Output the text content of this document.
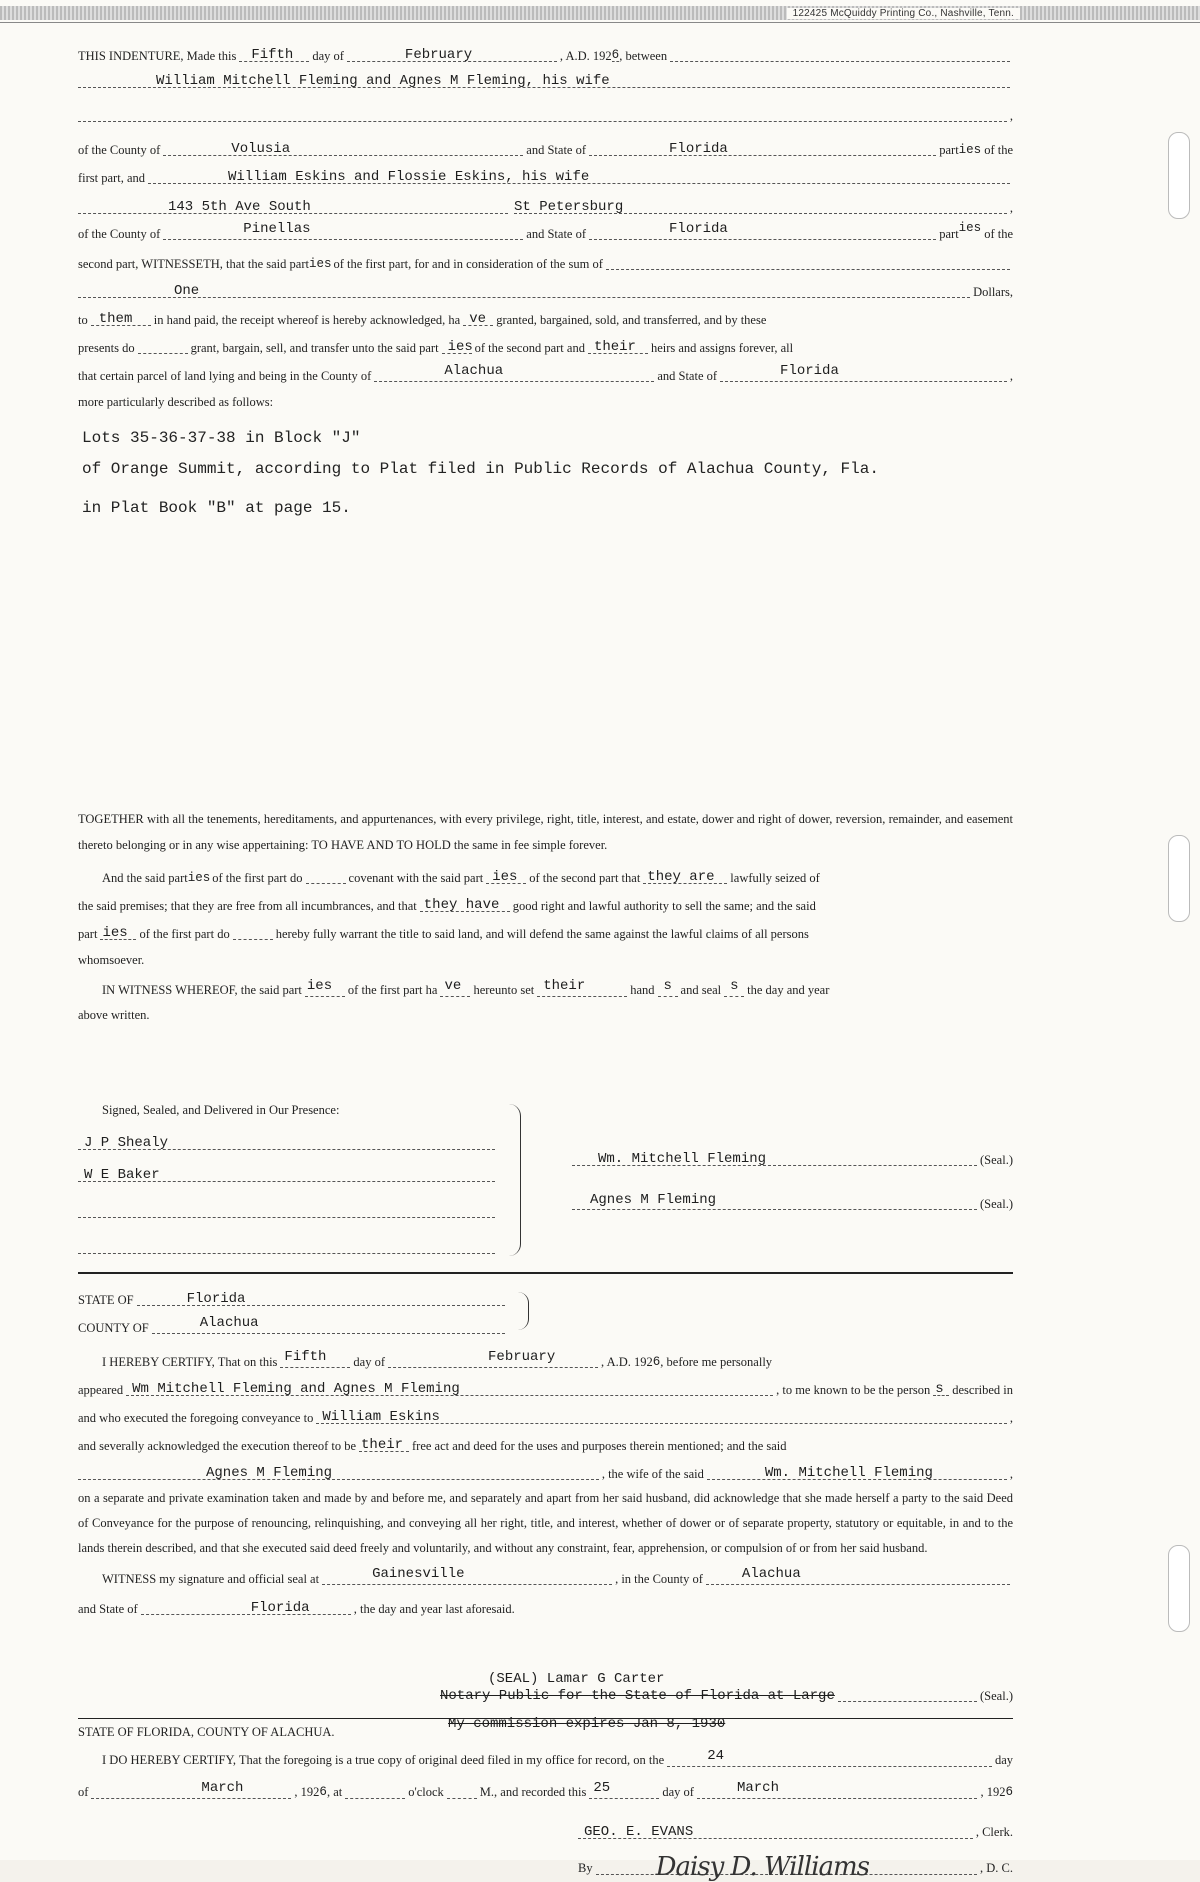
122425 McQuiddy Printing Co., Nashville, Tenn.
THIS INDENTURE, Made this Fifth day of	February	, A.D. 192 6 , between
William Mitchell Fleming and Agnes M Fleming, his wife
,
of the County of	Volusia	and State of	Florida	part ies of the
first part, and	William Eskins and Flossie Eskins, his wife
143 5th Ave South	St Petersburg	,
of the County of	Pinellas	and State of	Florida	part ies of the
second part, WITNESSETH, that the said part ies of the first part, for and in consideration of the sum of
One	Dollars,
to them in hand paid, the receipt whereof is hereby acknowledged, ha ve granted, bargained, sold, and transferred, and by these
presents do	grant, bargain, sell, and transfer unto the said part ies of the second part and their heirs and assigns forever, all
that certain parcel of land lying and being in the County of	Alachua	and State of	Florida	,
more particularly described as follows:
Lots 35-36-37-38 in Block "J"
of Orange Summit, according to Plat filed in Public Records of Alachua County, Fla.
in Plat Book "B" at page 15.
TOGETHER with all the tenements, hereditaments, and appurtenances, with every privilege, right, title, interest, and estate, dower and right of dower, reversion, remainder, and easement thereto belonging or in any wise appertaining: TO HAVE AND TO HOLD the same in fee simple forever.
And the said part ies of the first part do	covenant with the said part ies of the second part that they are lawfully seized of
the said premises; that they are free from all incumbrances, and that they have good right and lawful authority to sell the same; and the said
part ies of the first part do	hereby fully warrant the title to said land, and will defend the same against the lawful claims of all persons
whomsoever.
IN WITNESS WHEREOF, the said part ies of the first part ha ve hereunto set their	hand s and seal s the day and year
above written.
Signed, Sealed, and Delivered in Our Presence:
J P Shealy
W E Baker
Wm. Mitchell Fleming	(Seal.)
Agnes M Fleming	(Seal.)
STATE OF	Florida
COUNTY OF	Alachua
I HEREBY CERTIFY, That on this Fifth day of	February	, A.D. 192 6 , before me personally
appeared Wm Mitchell Fleming and Agnes M Fleming	, to me known to be the person s described in
and who executed the foregoing conveyance to William Eskins	,
and severally acknowledged the execution thereof to be their free act and deed for the uses and purposes therein mentioned; and the said
Agnes M Fleming	, the wife of the said	Wm. Mitchell Fleming	,
on a separate and private examination taken and made by and before me, and separately and apart from her said husband, did acknowledge that she made herself a party to the said Deed of Conveyance for the purpose of renouncing, relinquishing, and conveying all her right, title, and interest, whether of dower or of separate property, statutory or equitable, in and to the lands therein described, and that she executed said deed freely and voluntarily, and without any constraint, fear, apprehension, or compulsion of or from her said husband.
WITNESS my signature and official seal at	Gainesville	, in the County of	Alachua
and State of	Florida	, the day and year last aforesaid.
(SEAL) Lamar G Carter
Notary Public for the State of Florida at Large	(Seal.)
My commission expires Jan 8, 1930
STATE OF FLORIDA, COUNTY OF ALACHUA.
I DO HEREBY CERTIFY, That the foregoing is a true copy of original deed filed in my office for record, on the	24	day
of	March	, 192 6 , at	o'clock	M., and recorded this 25	day of	March	, 192 6
GEO. E. EVANS	, Clerk.
By Daisy D. Williams	, D. C.
